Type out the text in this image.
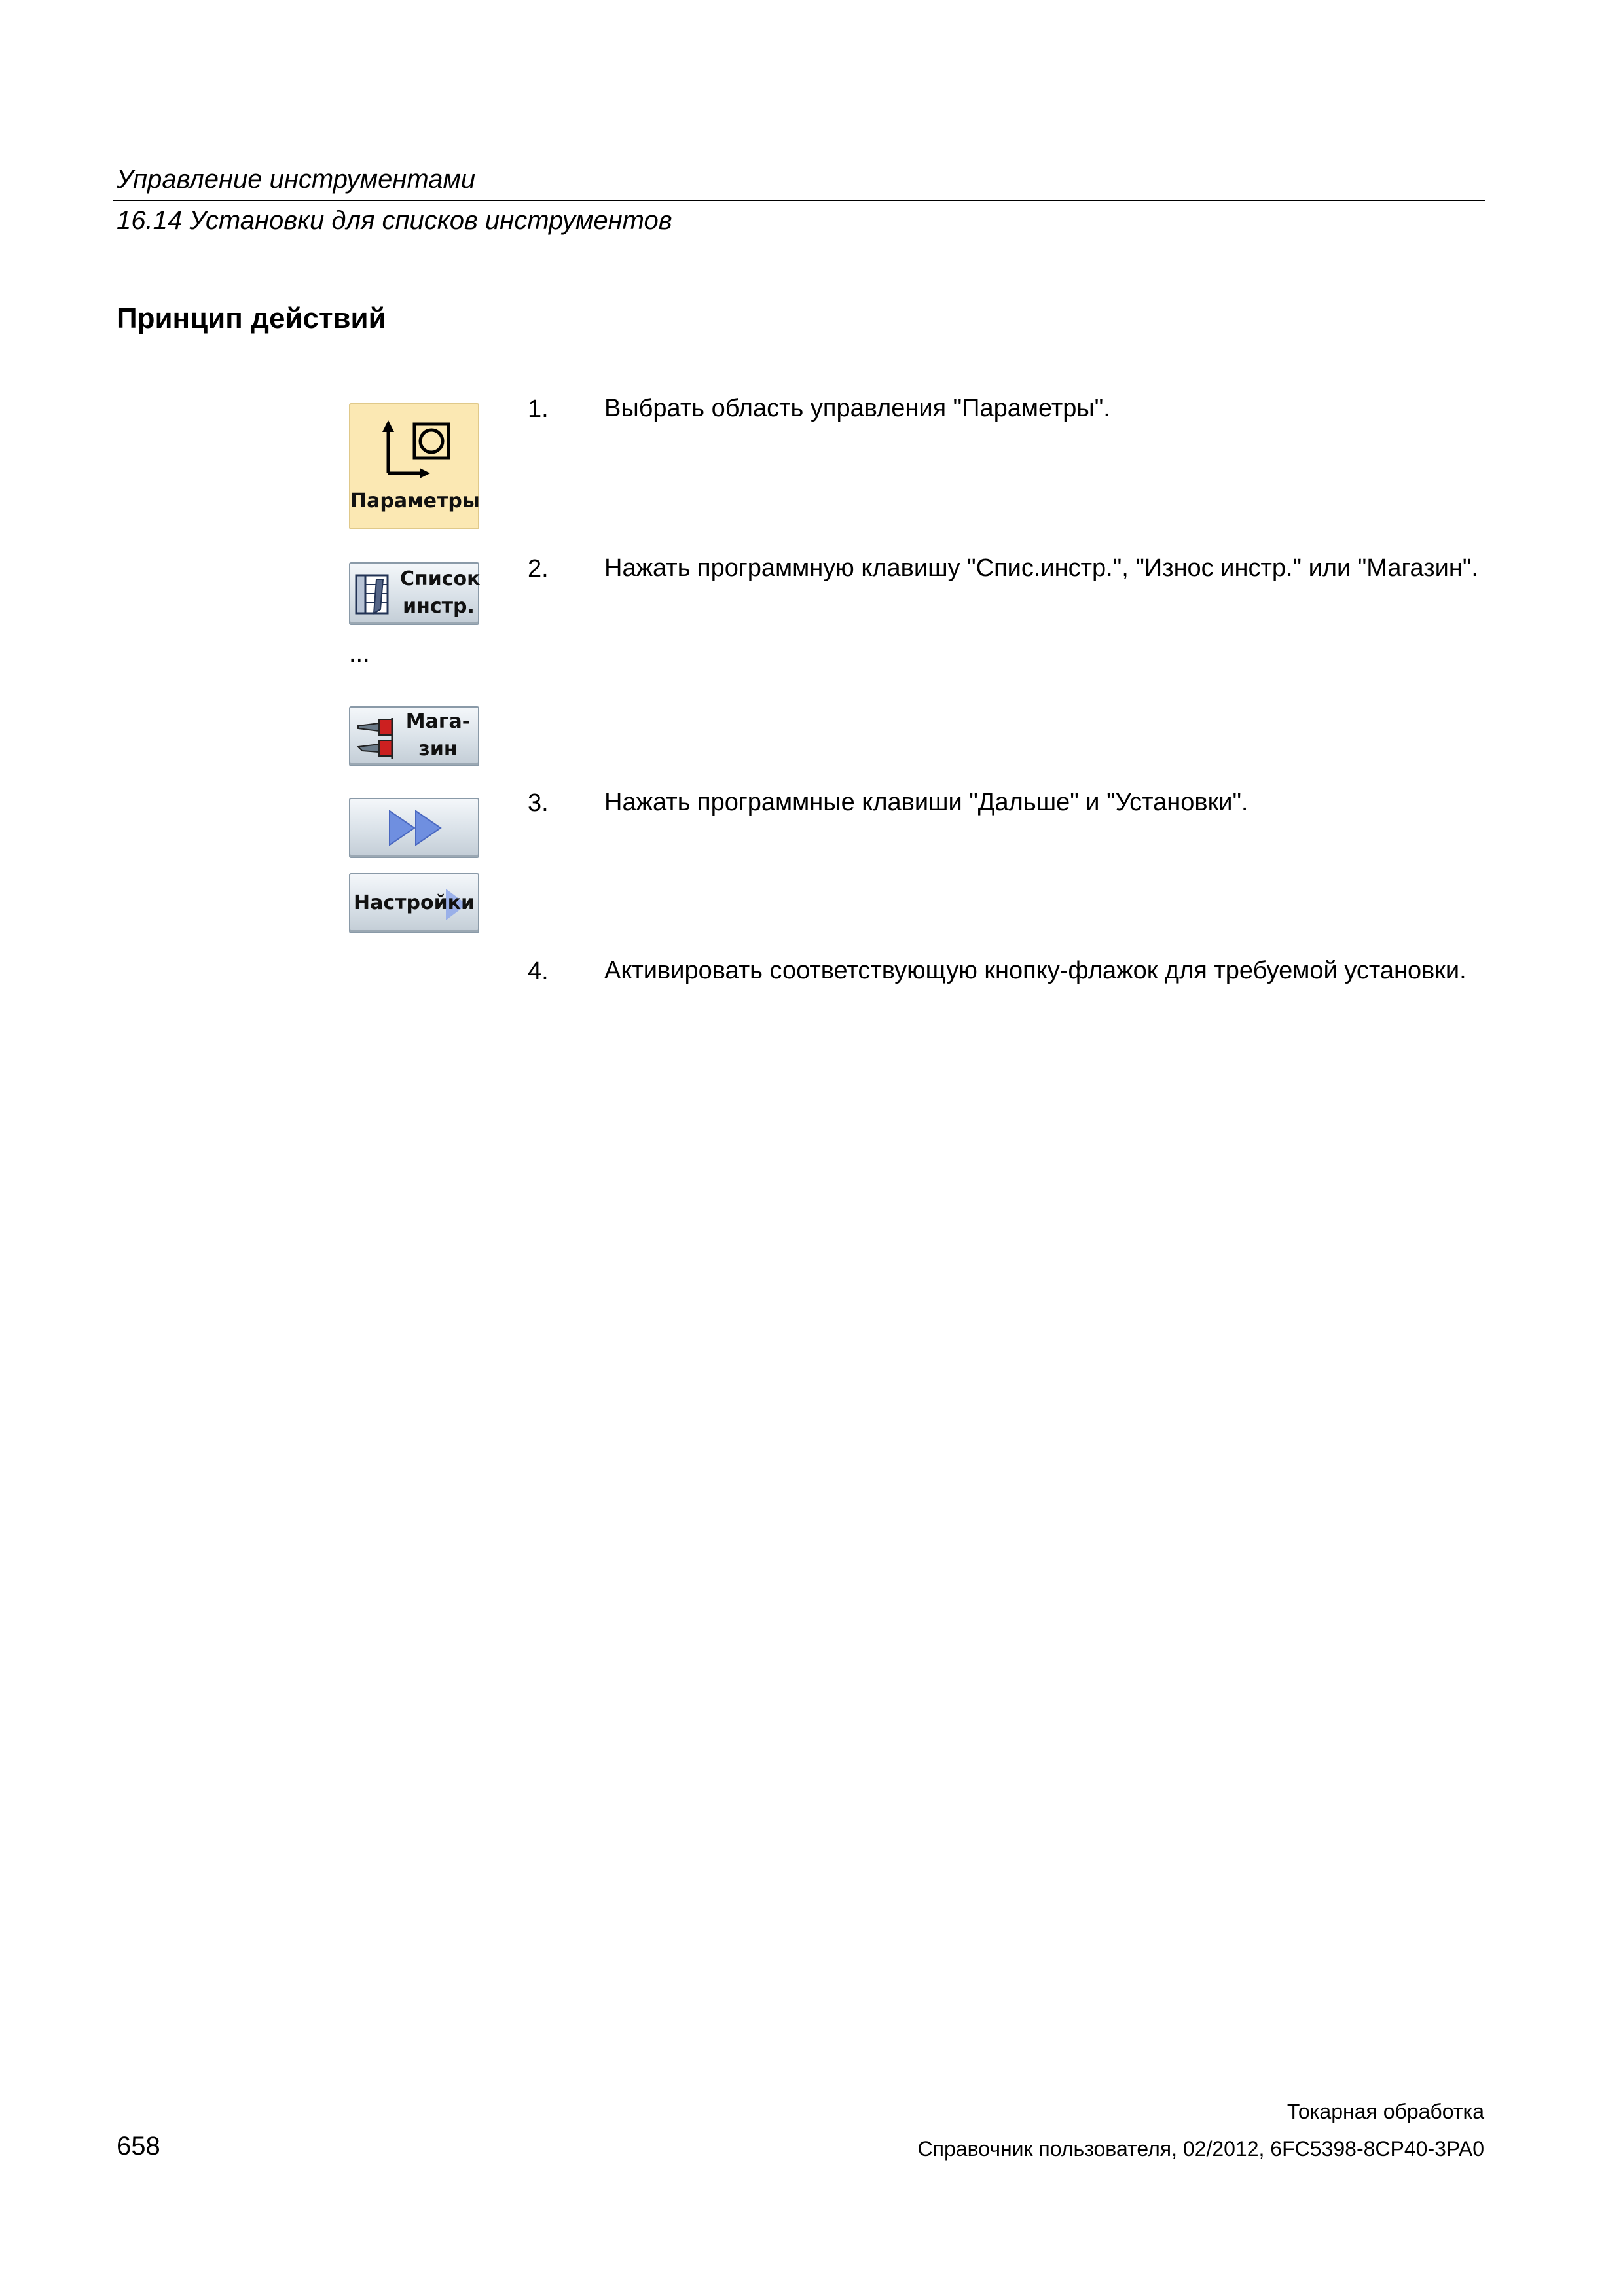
Управление инструментами
16.14 Установки для списков инструментов
Принцип действий
Параметры
Список
инстр.
...
Мага-
зин
Настройки
1. Выбрать область управления "Параметры".
2. Нажать программную клавишу "Спис.инстр.", "Износ инстр." или "Магазин".
3. Нажать программные клавиши "Дальше" и "Установки".
4. Активировать соответствующую кнопку-флажок для требуемой установки.
Токарная обработка
658	Справочник пользователя, 02/2012, 6FC5398-8CP40-3PA0
